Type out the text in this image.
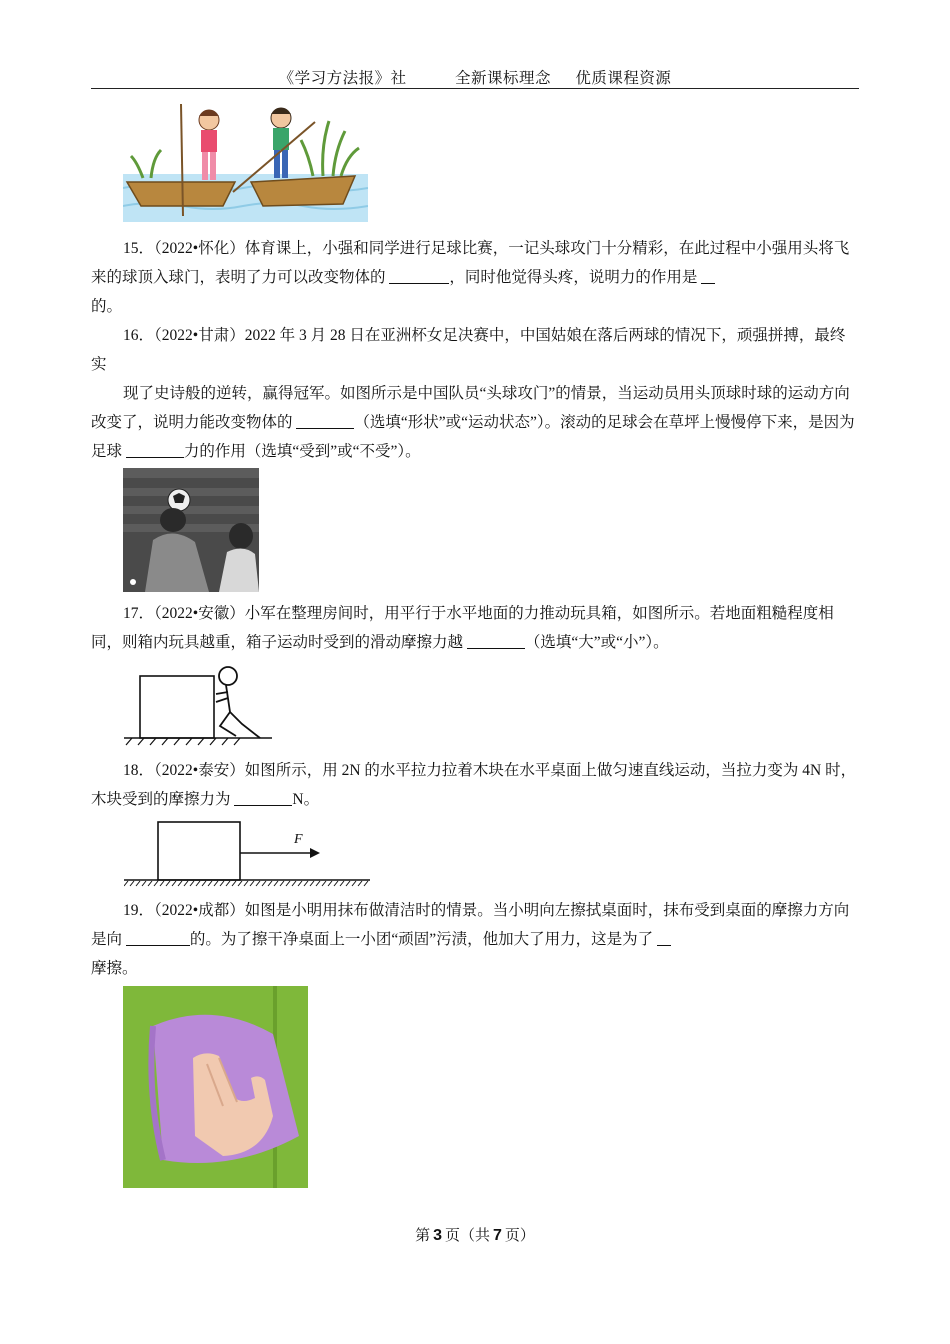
《学习方法报》社	全新课标理念 优质课程资源

15．（2022•怀化）体育课上，小强和同学进行足球比赛，一记头球攻门十分精彩，在此过程中小强用头将飞来的球顶入球门，表明了力可以改变物体的	，同时他觉得头疼，说明力的作用是

的。

16．（2022•甘肃）2022 年 3 月 28 日在亚洲杯女足决赛中，中国姑娘在落后两球的情况下，顽强拼搏，最终实

现了史诗般的逆转，赢得冠军。如图所示是中国队员“头球攻门”的情景，当运动员用头顶球时球的运动方向改变了，说明力能改变物体的	（选填“形状”或“运动状态”）。滚动的足球会在草坪上慢慢停下来，是因为足球	力的作用（选填“受到”或“不受”）。

17．（2022•安徽）小军在整理房间时，用平行于水平地面的力推动玩具箱，如图所示。若地面粗糙程度相同，则箱内玩具越重，箱子运动时受到的滑动摩擦力越	（选填“大”或“小”）。

18．（2022•泰安）如图所示，用 2N 的水平拉力拉着木块在水平桌面上做匀速直线运动，当拉力变为 4N 时，木块受到的摩擦力为	N。

F

19．（2022•成都）如图是小明用抹布做清洁时的情景。当小明向左擦拭桌面时，抹布受到桌面的摩擦力方向是向	的。为了擦干净桌面上一小团“顽固”污渍，他加大了用力，这是为了

摩擦。

第 3 页（共 7 页）
